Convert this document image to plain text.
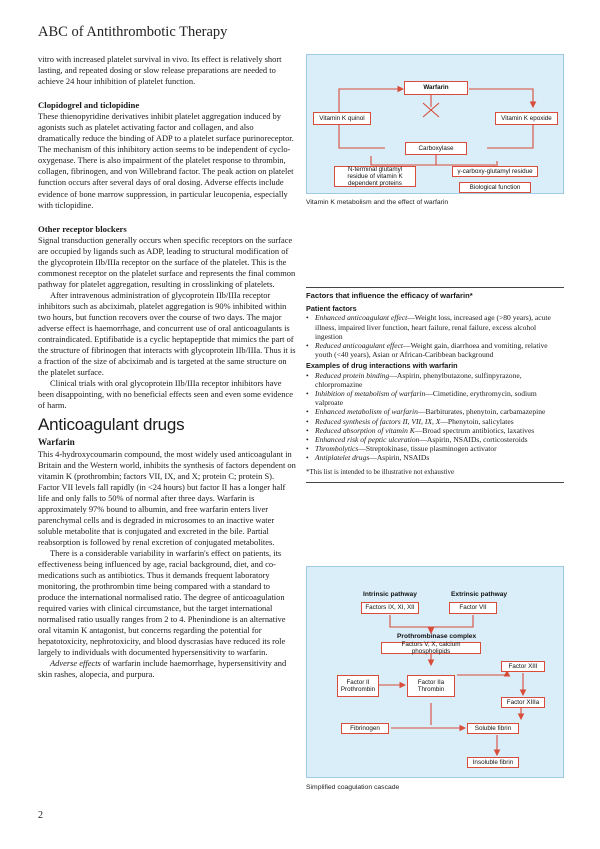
ABC of Antithrombotic Therapy

vitro with increased platelet survival in vivo. Its effect is relatively short lasting, and repeated dosing or slow release preparations are needed to achieve 24 hour inhibition of platelet function.

Clopidogrel and ticlopidine

These thienopyridine derivatives inhibit platelet aggregation induced by agonists such as platelet activating factor and collagen, and also dramatically reduce the binding of ADP to a platelet surface purinoreceptor. The mechanism of this inhibitory action seems to be independent of cyclo-oxygenase. There is also impairment of the platelet response to thrombin, collagen, fibrinogen, and von Willebrand factor. The peak action on platelet function occurs after several days of oral dosing. Adverse effects include evidence of bone marrow suppression, in particular leucopenia, especially with ticlopidine.

Other receptor blockers

Signal transduction generally occurs when specific receptors on the surface are occupied by ligands such as ADP, leading to structural modification of the glycoprotein IIb/IIIa receptor on the surface of the platelet. This is the commonest receptor on the platelet surface and represents the final common pathway for platelet aggregation, resulting in crosslinking of platelets.

After intravenous administration of glycoprotein IIb/IIIa receptor inhibitors such as abciximab, platelet aggregation is 90% inhibited within two hours, but function recovers over the course of two days. The major adverse effect is haemorrhage, and concurrent use of oral anticoagulants is contraindicated. Eptifibatide is a cyclic heptapeptide that mimics the part of the structure of fibrinogen that interacts with glycoprotein IIb/IIIa. Thus it is a fraction of the size of abciximab and is targeted at the same structure on the platelet surface.

Clinical trials with oral glycoprotein IIb/IIIa receptor inhibitors have been disappointing, with no beneficial effects seen and even some evidence of harm.

Anticoagulant drugs
Warfarin

This 4-hydroxycoumarin compound, the most widely used anticoagulant in Britain and the Western world, inhibits the synthesis of factors dependent on vitamin K (prothrombin; factors VII, IX, and X; protein C; protein S). Factor VII levels fall rapidly (in <24 hours) but factor II has a longer half life and only falls to 50% of normal after three days. Warfarin is approximately 97% bound to albumin, and free warfarin enters liver parenchymal cells and is degraded in microsomes to an inactive water soluble metabolite that is conjugated and excreted in the bile. Partial reabsorption is followed by renal excretion of conjugated metabolites.

There is a considerable variability in warfarin's effect on patients, its effectiveness being influenced by age, racial background, diet, and co-medications such as antibiotics. Thus it demands frequent laboratory monitoring, the prothrombin time being compared with a standard to produce the international normalised ratio. The degree of anticoagulation required varies with clinical circumstance, but the target international normalised ratio usually ranges from 2 to 4. Phenindione is an alternative oral vitamin K antagonist, but concerns regarding the potential for hepatotoxicity, nephrotoxicity, and blood dyscrasias have reduced its role largely to individuals with documented hypersensitivity to warfarin.

Adverse effects of warfarin include haemorrhage, hypersensitivity and skin rashes, alopecia, and purpura.

Warfarin
Vitamin K quinol	Vitamin K epoxide
Carboxylase
N-terminal glutamyl residue of vitamin K dependent proteins
γ-carboxy-glutamyl residue
Biological function
Vitamin K metabolism and the effect of warfarin
Factors that influence the efficacy of warfarin*
Patient factors
• Enhanced anticoagulant effect—Weight loss, increased age (>80 years), acute illness, impaired liver function, heart failure, renal failure, excess alcohol ingestion
• Reduced anticoagulant effect—Weight gain, diarrhoea and vomiting, relative youth (<40 years), Asian or African-Caribbean background
Examples of drug interactions with warfarin
• Reduced protein binding—Aspirin, phenylbutazone, sulfinpyrazone, chlorpromazine
• Inhibition of metabolism of warfarin—Cimetidine, erythromycin, sodium valproate
• Enhanced metabolism of warfarin—Barbiturates, phenytoin, carbamazepine
• Reduced synthesis of factors II, VII, IX, X—Phenytoin, salicylates
• Reduced absorption of vitamin K—Broad spectrum antibiotics, laxatives
• Enhanced risk of peptic ulceration—Aspirin, NSAIDs, corticosteroids
• Thrombolytics—Streptokinase, tissue plasminogen activator
• Antiplatelet drugs—Aspirin, NSAIDs
*This list is intended to be illustrative not exhaustive
Intrinsic pathway	Extrinsic pathway
Factors IX, XI, XII	Factor VII
Prothrombinase complex
Factors V, X, calcium phospholipids
Factor II Prothrombin
Factor IIa Thrombin
Factor XIII
Factor XIIIa
Fibrinogen	Soluble fibrin
Insoluble fibrin
Simplified coagulation cascade
2
